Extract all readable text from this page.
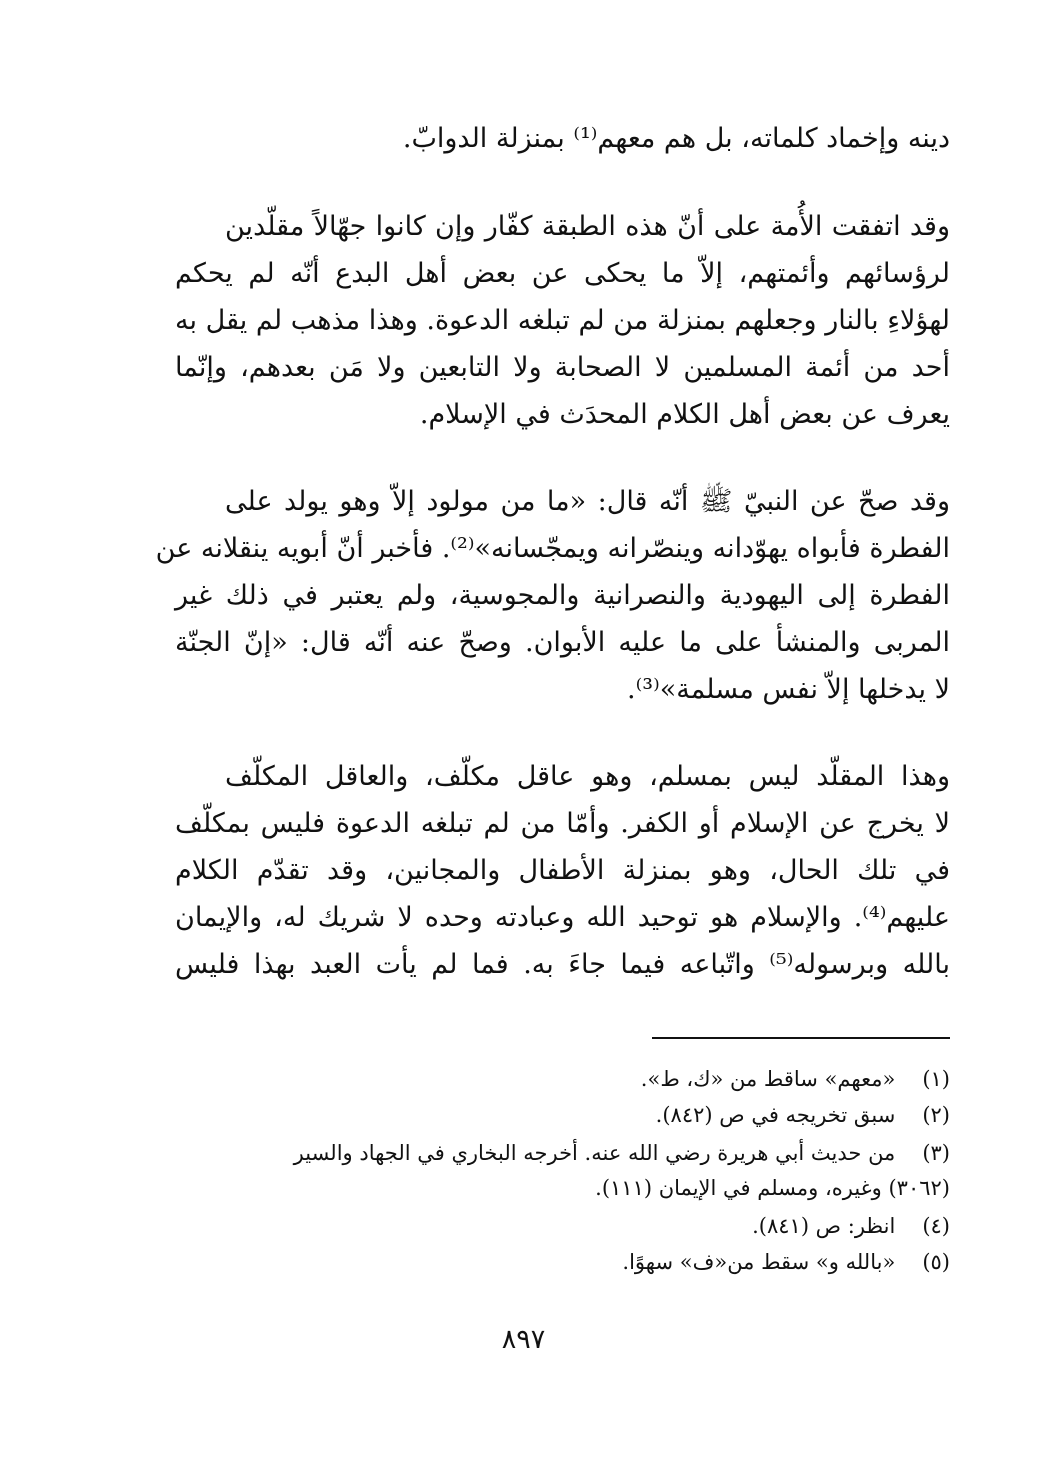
دينه وإخماد كلماته، بل هم معهم⁽¹⁾ بمنزلة الدوابّ.
وقد اتفقت الأُمة على أنّ هذه الطبقة كفّار وإن كانوا جهّالاً مقلّدين
لرؤسائهم وأئمتهم، إلاّ ما يحكى عن بعض أهل البدع أنّه لم يحكم
لهؤلاءِ بالنار وجعلهم بمنزلة من لم تبلغه الدعوة. وهذا مذهب لم يقل به
أحد من أئمة المسلمين لا الصحابة ولا التابعين ولا مَن بعدهم، وإنّما
يعرف عن بعض أهل الكلام المحدَث في الإسلام.
وقد صحّ عن النبيّ ﷺ أنّه قال: «ما من مولود إلاّ وهو يولد على
الفطرة فأبواه يهوّدانه وينصّرانه ويمجّسانه»⁽²⁾. فأخبر أنّ أبويه ينقلانه عن
الفطرة إلى اليهودية والنصرانية والمجوسية، ولم يعتبر في ذلك غير
المربى والمنشأ على ما عليه الأبوان. وصحّ عنه أنّه قال: «إنّ الجنّة
لا يدخلها إلاّ نفس مسلمة»⁽³⁾.
وهذا المقلّد ليس بمسلم، وهو عاقل مكلّف، والعاقل المكلّف
لا يخرج عن الإسلام أو الكفر. وأمّا من لم تبلغه الدعوة فليس بمكلّف
في تلك الحال، وهو بمنزلة الأطفال والمجانين، وقد تقدّم الكلام
عليهم⁽⁴⁾. والإسلام هو توحيد الله وعبادته وحده لا شريك له، والإيمان
بالله وبرسوله⁽⁵⁾ واتّباعه فيما جاءَ به. فما لم يأت العبد بهذا فليس
(١) «معهم» ساقط من «ك، ط».
(٢) سبق تخريجه في ص (٨٤٢).
(٣) من حديث أبي هريرة رضي الله عنه. أخرجه البخاري في الجهاد والسير
(٣٠٦٢) وغيره، ومسلم في الإيمان (١١١).
(٤) انظر: ص (٨٤١).
(٥) «بالله و» سقط من«ف» سهوًا.
٨٩٧
